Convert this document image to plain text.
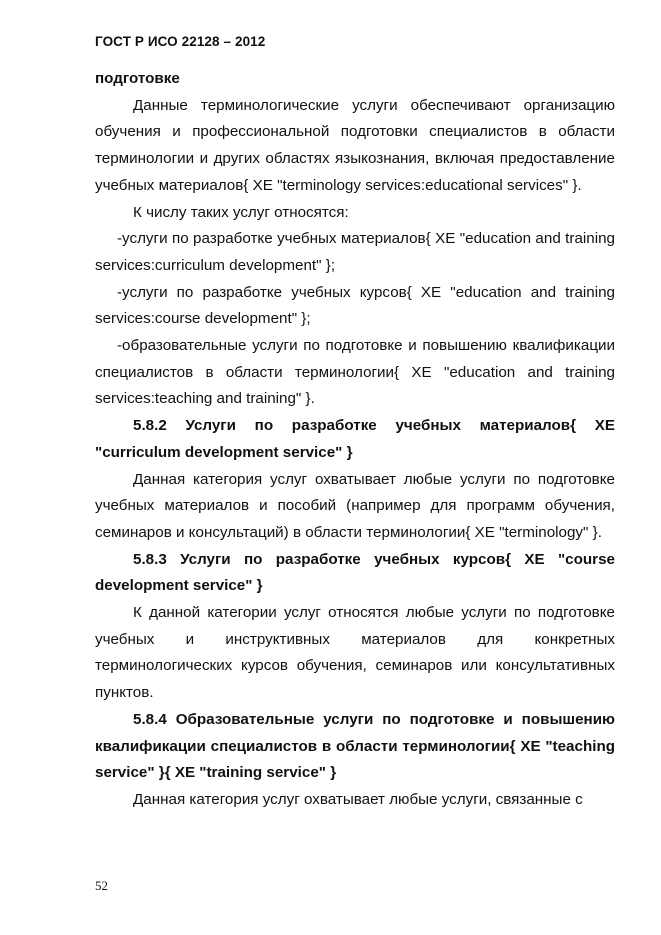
ГОСТ Р ИСО 22128 – 2012

подготовке

Данные терминологические услуги обеспечивают организацию обучения и профессиональной подготовки специалистов в области терминологии и других областях языкознания, включая предоставление учебных материалов{ XE "terminology services:educational services" }.

К числу таких услуг относятся:

-услуги по разработке учебных материалов{ XE "education and training services:curriculum development" };

-услуги по разработке учебных курсов{ XE "education and training services:course development" };

-образовательные услуги по подготовке и повышению квалификации специалистов в области терминологии{ XE "education and training services:teaching and training" }.

5.8.2 Услуги по разработке учебных материалов{ XE "curriculum development service" }

Данная категория услуг охватывает любые услуги по подготовке учебных материалов и пособий (например для программ обучения, семинаров и консультаций) в области терминологии{ XE "terminology" }.

5.8.3 Услуги по разработке учебных курсов{ XE "course development service" }

К данной категории услуг относятся любые услуги по подготовке учебных и инструктивных материалов для конкретных терминологических курсов обучения, семинаров или консультативных пунктов.

5.8.4 Образовательные услуги по подготовке и повышению квалификации специалистов в области терминологии{ XE "teaching service" }{ XE "training service" }

Данная категория услуг охватывает любые услуги, связанные с

52
